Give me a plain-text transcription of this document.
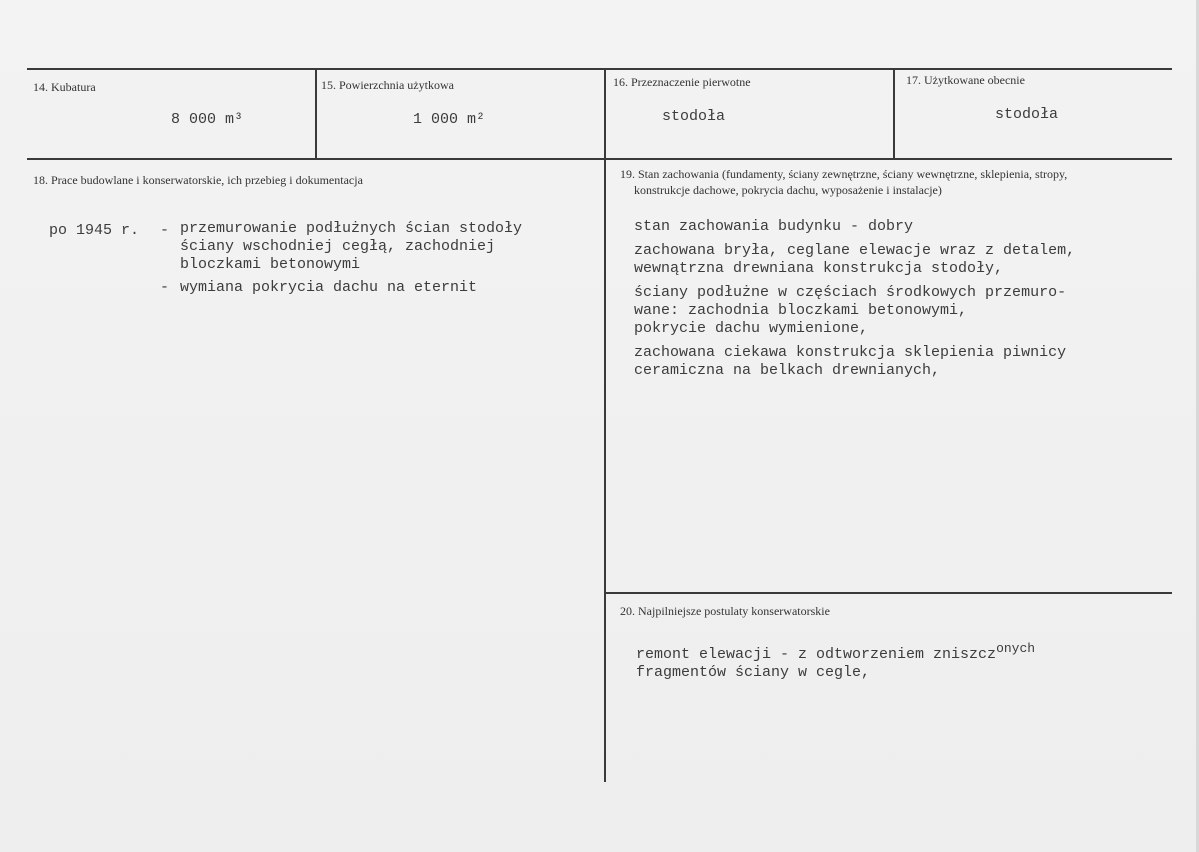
14. Kubatura
8 000 m³
15. Powierzchnia użytkowa
1 000 m²
16. Przeznaczenie pierwotne
stodoła
17. Użytkowane obecnie
stodoła
18. Prace budowlane i konserwatorskie, ich przebieg i dokumentacja
po 1945 r. - przemurowanie podłużnych ścian stodoły
ściany wschodniej cegłą, zachodniej
bloczkami betonowymi
- wymiana pokrycia dachu na eternit
19. Stan zachowania (fundamenty, ściany zewnętrzne, ściany wewnętrzne, sklepienia, stropy,
konstrukcje dachowe, pokrycia dachu, wyposażenie i instalacje)
stan zachowania budynku - dobry
zachowana bryła, ceglane elewacje wraz z detalem,
wewnątrzna drewniana konstrukcja stodoły,
ściany podłużne w częściach środkowych przemuro-
wane: zachodnia bloczkami betonowymi,
pokrycie dachu wymienione,
zachowana ciekawa konstrukcja sklepienia piwnicy
ceramiczna na belkach drewnianych,
20. Najpilniejsze postulaty konserwatorskie
remont elewacji - z odtworzeniem zniszczonych
fragmentów ściany w cegle,
